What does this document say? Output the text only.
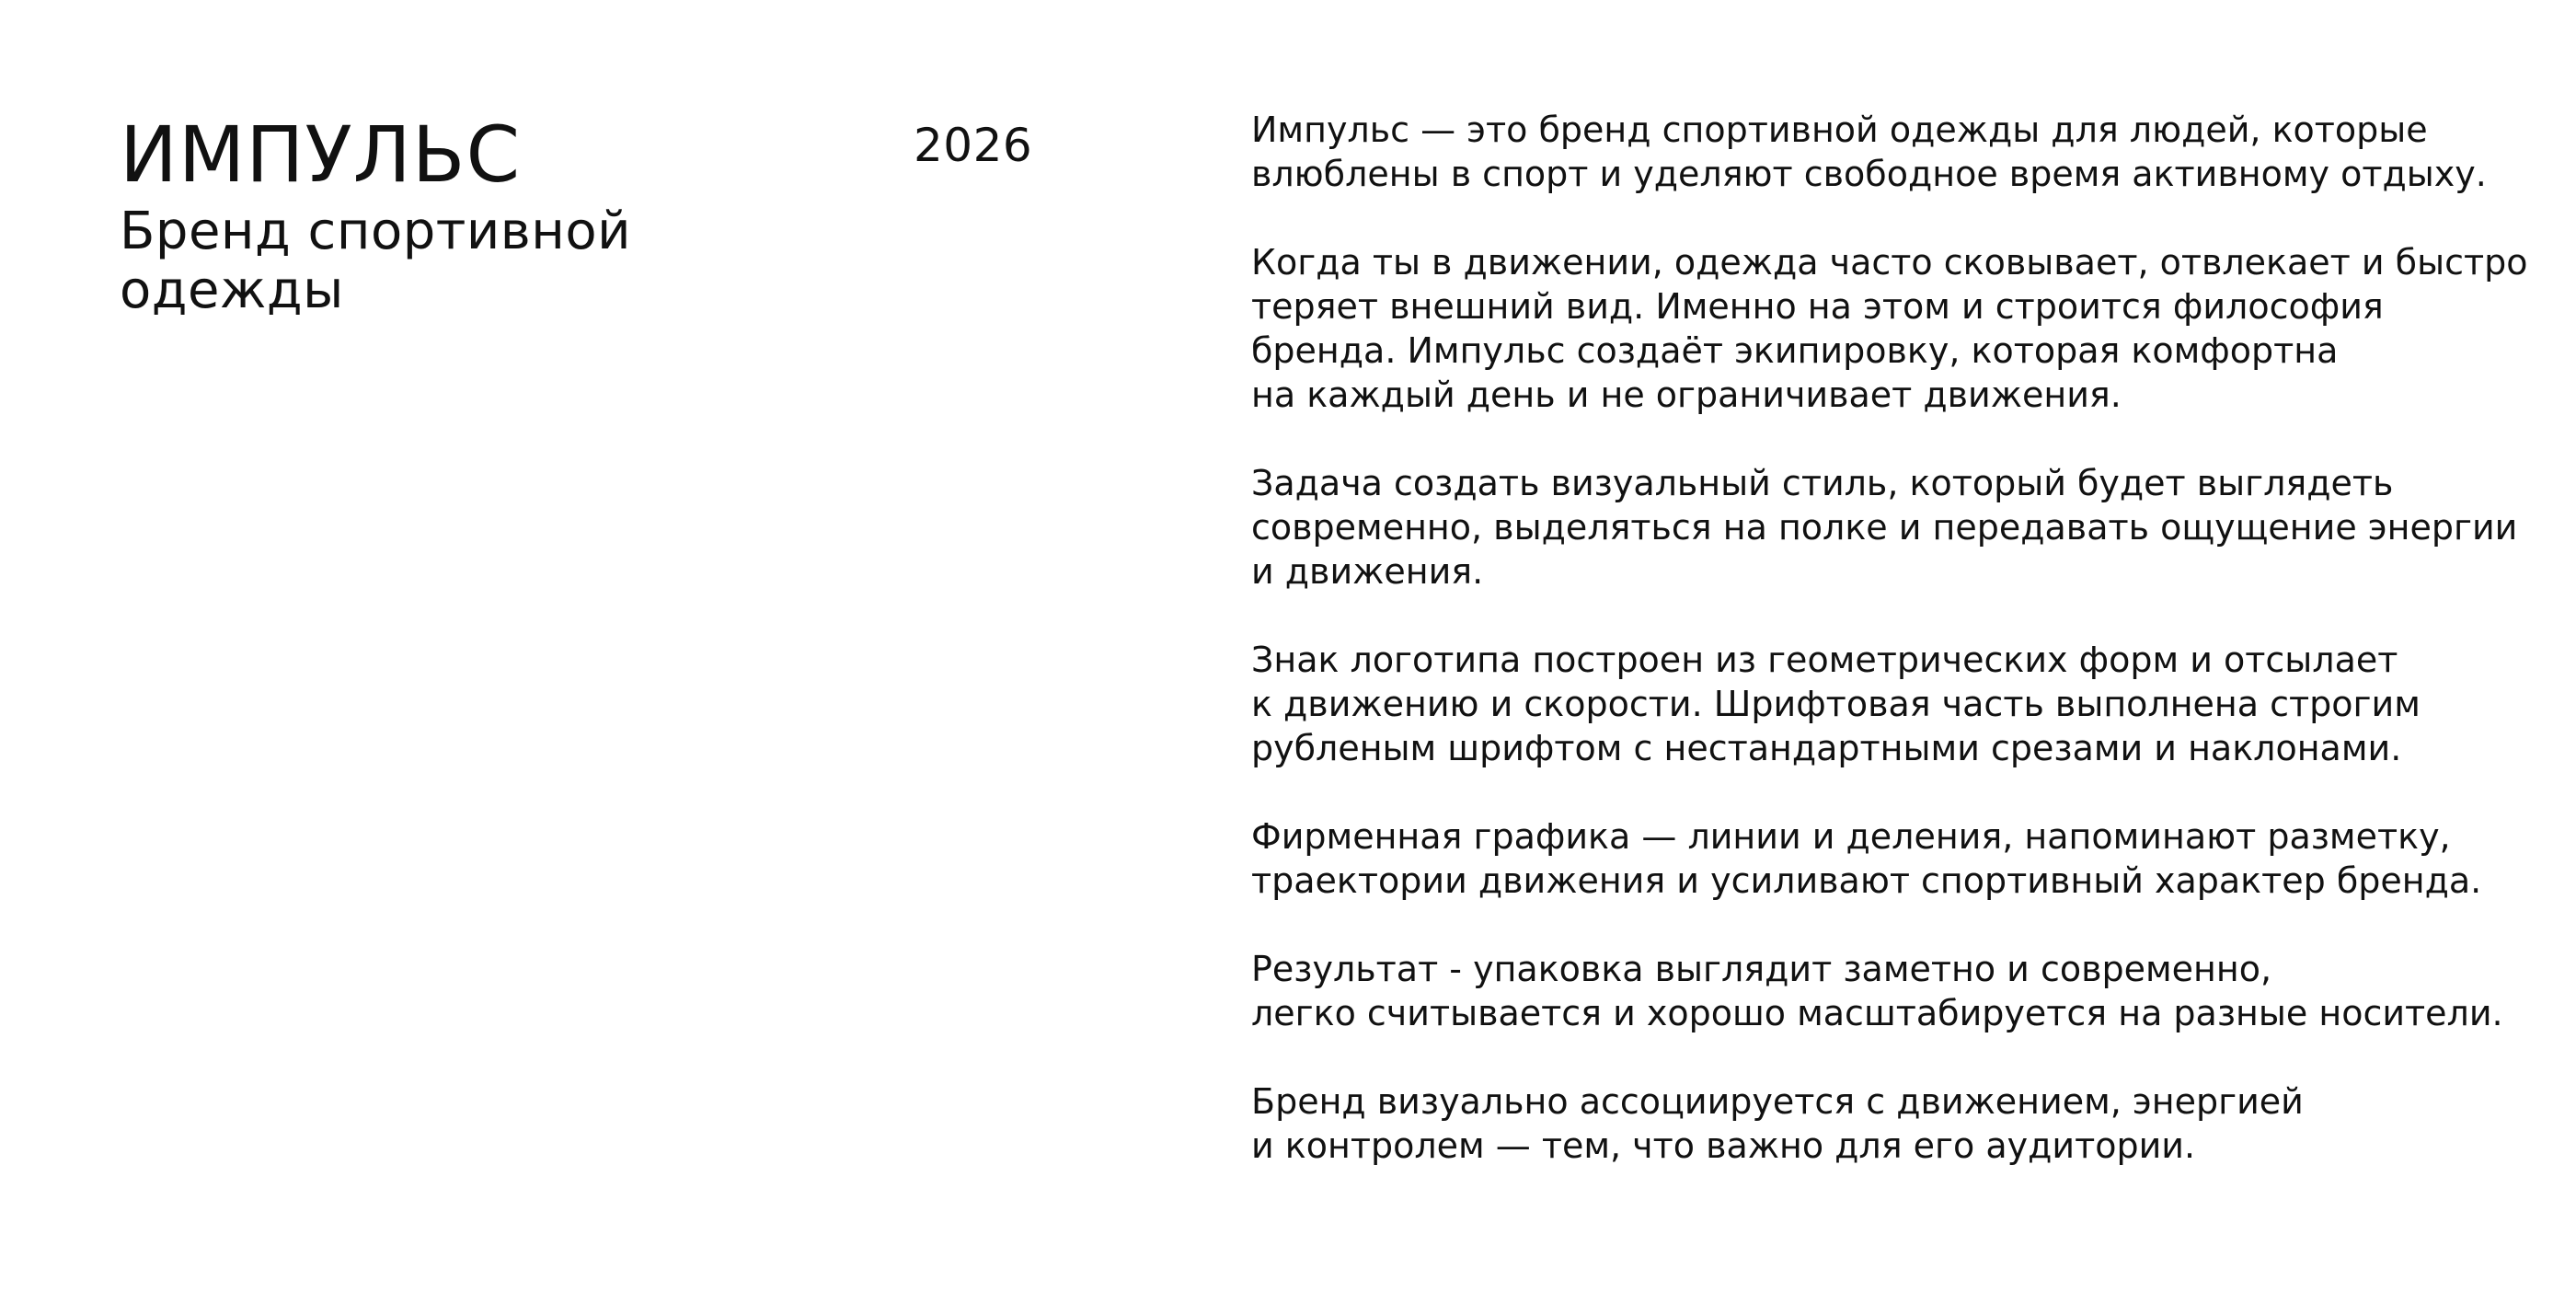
ИМПУЛЬС

Бренд спортивной
одежды

2026	Импульс — это бренд спортивной одежды для людей, которые
влюблены в спорт и уделяют свободное время активному отдыху.

Когда ты в движении, одежда часто сковывает, отвлекает и быстро
теряет внешний вид. Именно на этом и строится философия
бренда. Импульс создаёт экипировку, которая комфортна
на каждый день и не ограничивает движения.

Задача создать визуальный стиль, который будет выглядеть
современно, выделяться на полке и передавать ощущение энергии
и движения.

Знак логотипа построен из геометрических форм и отсылает
к движению и скорости. Шрифтовая часть выполнена строгим
рубленым шрифтом с нестандартными срезами и наклонами.

Фирменная графика — линии и деления, напоминают разметку,
траектории движения и усиливают спортивный характер бренда.

Результат - упаковка выглядит заметно и современно,
легко считывается и хорошо масштабируется на разные носители.

Бренд визуально ассоциируется с движением, энергией
и контролем — тем, что важно для его аудитории.
